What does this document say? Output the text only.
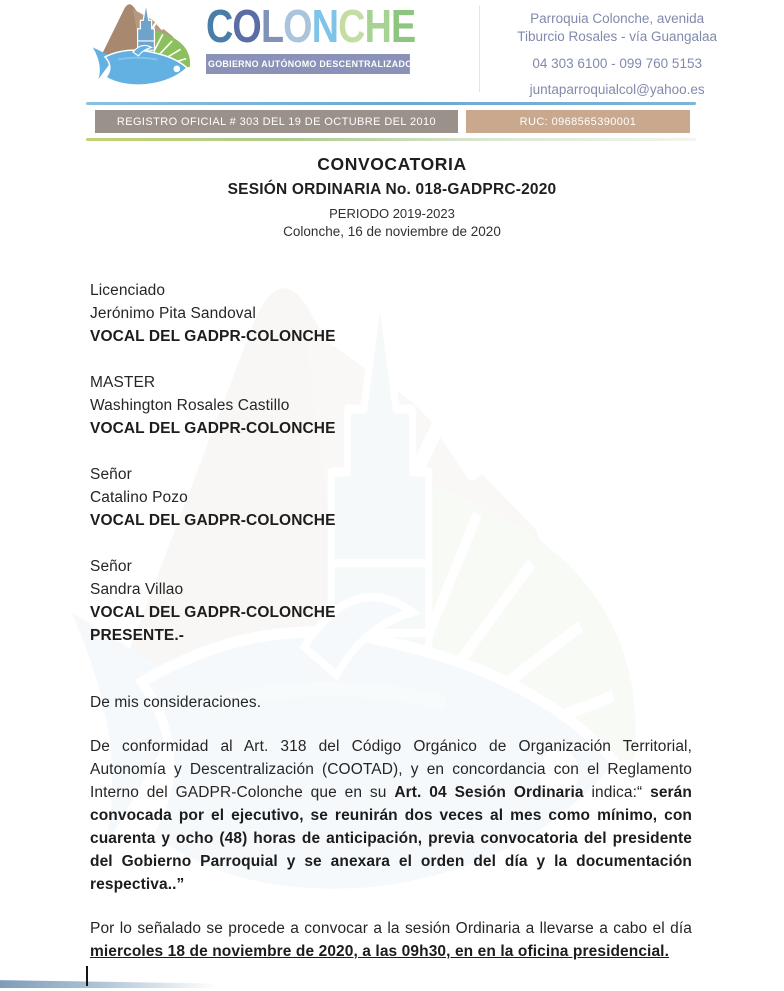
COLONCHE
GOBIERNO AUTÓNOMO DESCENTRALIZADO PARROQUIAL
Parroquia Colonche, avenida
Tiburcio Rosales - vía Guangalaa
04 303 6100 - 099 760 5153
juntaparroquialcol@yahoo.es
REGISTRO OFICIAL # 303 DEL 19 DE OCTUBRE DEL 2010	RUC: 0968565390001
CONVOCATORIA
SESIÓN ORDINARIA No. 018-GADPRC-2020
PERIODO 2019-2023
Colonche, 16 de noviembre de 2020
Licenciado
Jerónimo Pita Sandoval
VOCAL DEL GADPR-COLONCHE
MASTER
Washington Rosales Castillo
VOCAL DEL GADPR-COLONCHE
Señor
Catalino Pozo
VOCAL DEL GADPR-COLONCHE
Señor
Sandra Villao
VOCAL DEL GADPR-COLONCHE
PRESENTE.-
De mis consideraciones.
De conformidad al Art. 318 del Código Orgánico de Organización Territorial, Autonomía y Descentralización (COOTAD), y en concordancia con el Reglamento Interno del GADPR-Colonche que en su Art. 04 Sesión Ordinaria indica:“ serán convocada por el ejecutivo, se reunirán dos veces al mes como mínimo, con cuarenta y ocho (48) horas de anticipación, previa convocatoria del presidente del Gobierno Parroquial y se anexara el orden del día y la documentación respectiva..”
Por lo señalado se procede a convocar a la sesión Ordinaria a llevarse a cabo el día miercoles 18 de noviembre de 2020, a las 09h30, en en la oficina presidencial.
